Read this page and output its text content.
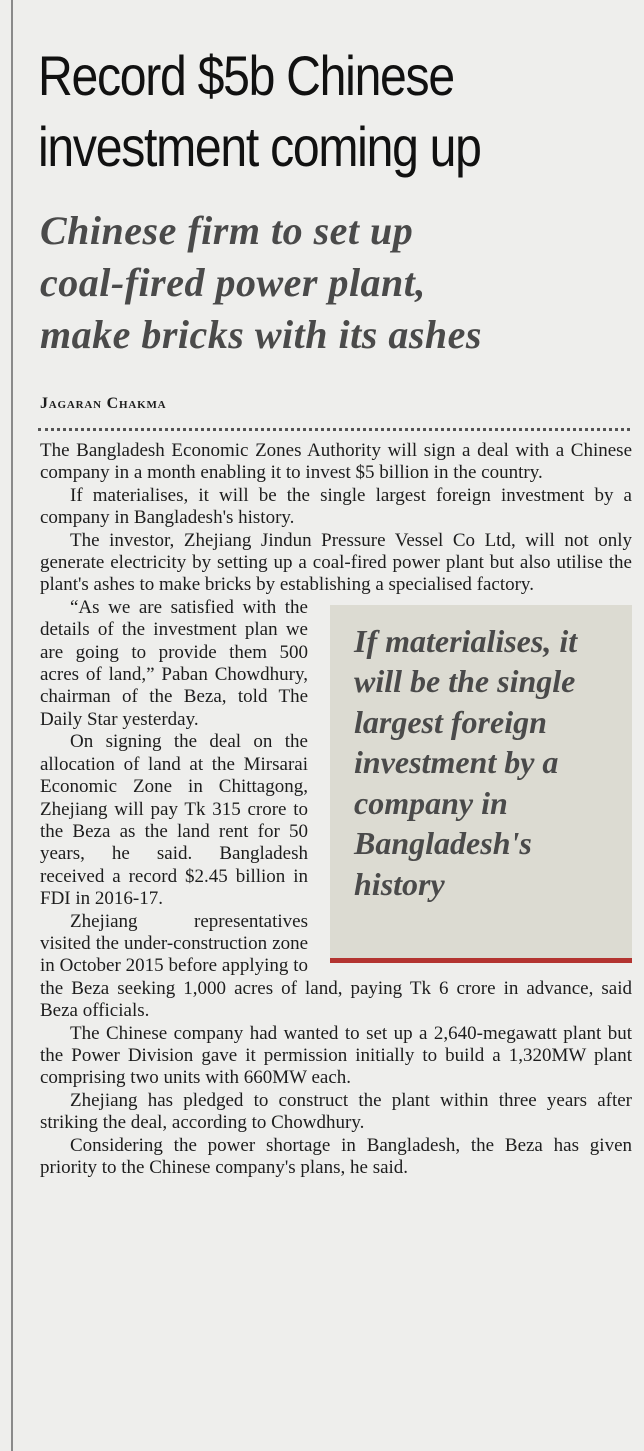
Record $5b Chinese
investment coming up
Chinese firm to set up
coal-fired power plant,
make bricks with its ashes
Jagaran Chakma

The Bangladesh Economic Zones Authority will sign a deal with a Chinese company in a month enabling it to invest $5 billion in the country.

If materialises, it will be the single largest foreign investment by a company in Bangladesh's history.

The investor, Zhejiang Jindun Pressure Vessel Co Ltd, will not only generate electricity by setting up a coal-fired power plant but also utilise the plant's ashes to make bricks by establishing a specialised factory.

If materialises, it will be the single largest foreign investment by a company in Bangladesh's history

“As we are satisfied with the details of the investment plan we are going to provide them 500 acres of land,” Paban Chowdhury, chairman of the Beza, told The Daily Star yesterday.

On signing the deal on the allocation of land at the Mirsarai Economic Zone in Chittagong, Zhejiang will pay Tk 315 crore to the Beza as the land rent for 50 years, he said. Bangladesh received a record $2.45 billion in FDI in 2016-17.

Zhejiang representatives visited the under-construction zone in October 2015 before applying to the Beza seeking 1,000 acres of land, paying Tk 6 crore in advance, said Beza officials.

The Chinese company had wanted to set up a 2,640-megawatt plant but the Power Division gave it permission initially to build a 1,320MW plant comprising two units with 660MW each.

Zhejiang has pledged to construct the plant within three years after striking the deal, according to Chowdhury.

Considering the power shortage in Bangladesh, the Beza has given priority to the Chinese company's plans, he said.
